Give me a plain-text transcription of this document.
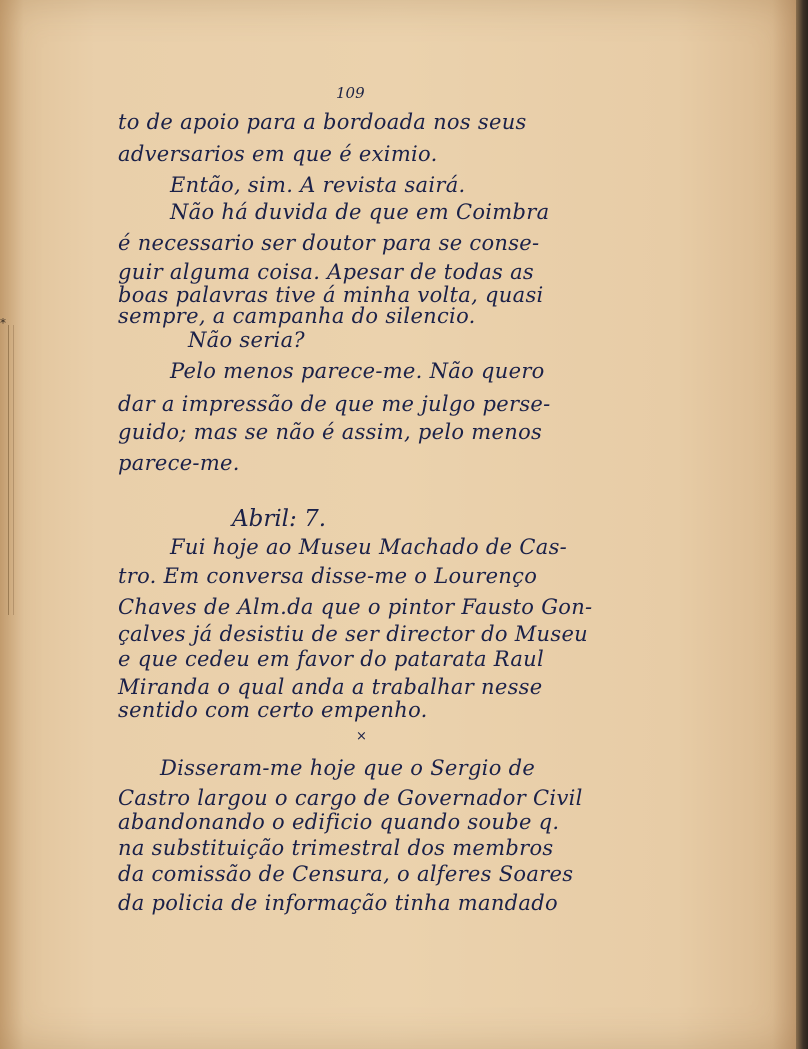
*
109
to de apoio para a bordoada nos seus
adversarios em que é eximio.
Então, sim. A revista sairá.
Não há duvida de que em Coimbra
é necessario ser doutor para se conse-
guir alguma coisa. Apesar de todas as
boas palavras tive á minha volta, quasi
sempre, a campanha do silencio.
Não seria?
Pelo menos parece-me. Não quero
dar a impressão de que me julgo perse-
guido; mas se não é assim, pelo menos
parece-me.
Abril: 7.
Fui hoje ao Museu Machado de Cas-
tro. Em conversa disse-me o Lourenço
Chaves de Alm.da que o pintor Fausto Gon-
çalves já desistiu de ser director do Museu
e que cedeu em favor do patarata Raul
Miranda o qual anda a trabalhar nesse
sentido com certo empenho.
×
Disseram-me hoje que o Sergio de
Castro largou o cargo de Governador Civil
abandonando o edificio quando soube q.
na substituição trimestral dos membros
da comissão de Censura, o alferes Soares
da policia de informação tinha mandado
